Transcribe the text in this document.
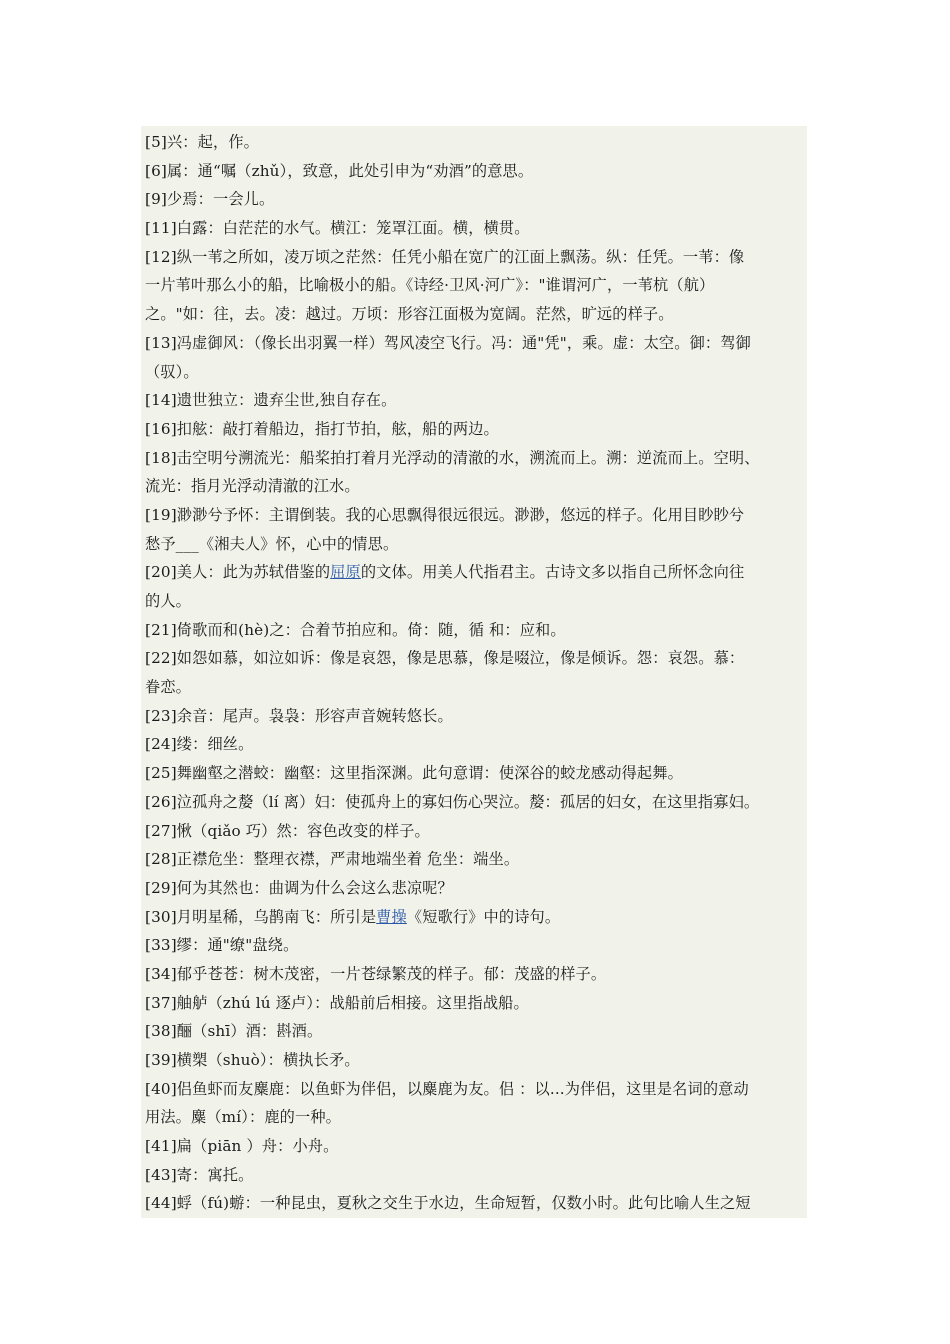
[5]兴：起，作。
[6]属：通“嘱（zhǔ），致意，此处引申为“劝酒”的意思。
[9]少焉：一会儿。
[11]白露：白茫茫的水气。横江：笼罩江面。横，横贯。
[12]纵一苇之所如，凌万顷之茫然：任凭小船在宽广的江面上飘荡。纵：任凭。一苇：像
一片苇叶那么小的船，比喻极小的船。《诗经·卫风·河广》："谁谓河广，一苇杭（航）
之。"如：往，去。凌：越过。万顷：形容江面极为宽阔。茫然，旷远的样子。
[13]冯虚御风：（像长出羽翼一样）驾风凌空飞行。冯：通"凭"，乘。虚：太空。御：驾御
（驭）。
[14]遗世独立：遗弃尘世,独自存在。
[16]扣舷：敲打着船边，指打节拍，舷，船的两边。
[18]击空明兮溯流光：船桨拍打着月光浮动的清澈的水，溯流而上。溯：逆流而上。空明、
流光：指月光浮动清澈的江水。
[19]渺渺兮予怀：主谓倒装。我的心思飘得很远很远。渺渺，悠远的样子。化用目眇眇兮
愁予___《湘夫人》怀，心中的情思。
[20]美人：此为苏轼借鉴的屈原的文体。用美人代指君主。古诗文多以指自己所怀念向往
的人。
[21]倚歌而和(hè)之：合着节拍应和。倚：随，循 和：应和。
[22]如怨如慕，如泣如诉：像是哀怨，像是思慕，像是啜泣，像是倾诉。怨：哀怨。慕：
眷恋。
[23]余音：尾声。袅袅：形容声音婉转悠长。
[24]缕：细丝。
[25]舞幽壑之潜蛟：幽壑：这里指深渊。此句意谓：使深谷的蛟龙感动得起舞。
[26]泣孤舟之嫠（lí 离）妇：使孤舟上的寡妇伤心哭泣。嫠：孤居的妇女，在这里指寡妇。
[27]愀（qiǎo 巧）然：容色改变的样子。
[28]正襟危坐：整理衣襟，严肃地端坐着 危坐：端坐。
[29]何为其然也：曲调为什么会这么悲凉呢？
[30]月明星稀，乌鹊南飞：所引是曹操《短歌行》中的诗句。
[33]缪：通"缭"盘绕。
[34]郁乎苍苍：树木茂密，一片苍绿繁茂的样子。郁：茂盛的样子。
[37]舳舻（zhú lú 逐卢）：战船前后相接。这里指战船。
[38]酾（shī）酒：斟酒。
[39]横槊（shuò）：横执长矛。
[40]侣鱼虾而友麋鹿：以鱼虾为伴侣，以麋鹿为友。侣 ：以...为伴侣，这里是名词的意动
用法。麋（mí）：鹿的一种。
[41]扁（piān ）舟：小舟。
[43]寄：寓托。
[44]蜉（fú)蝣：一种昆虫，夏秋之交生于水边，生命短暂，仅数小时。此句比喻人生之短
